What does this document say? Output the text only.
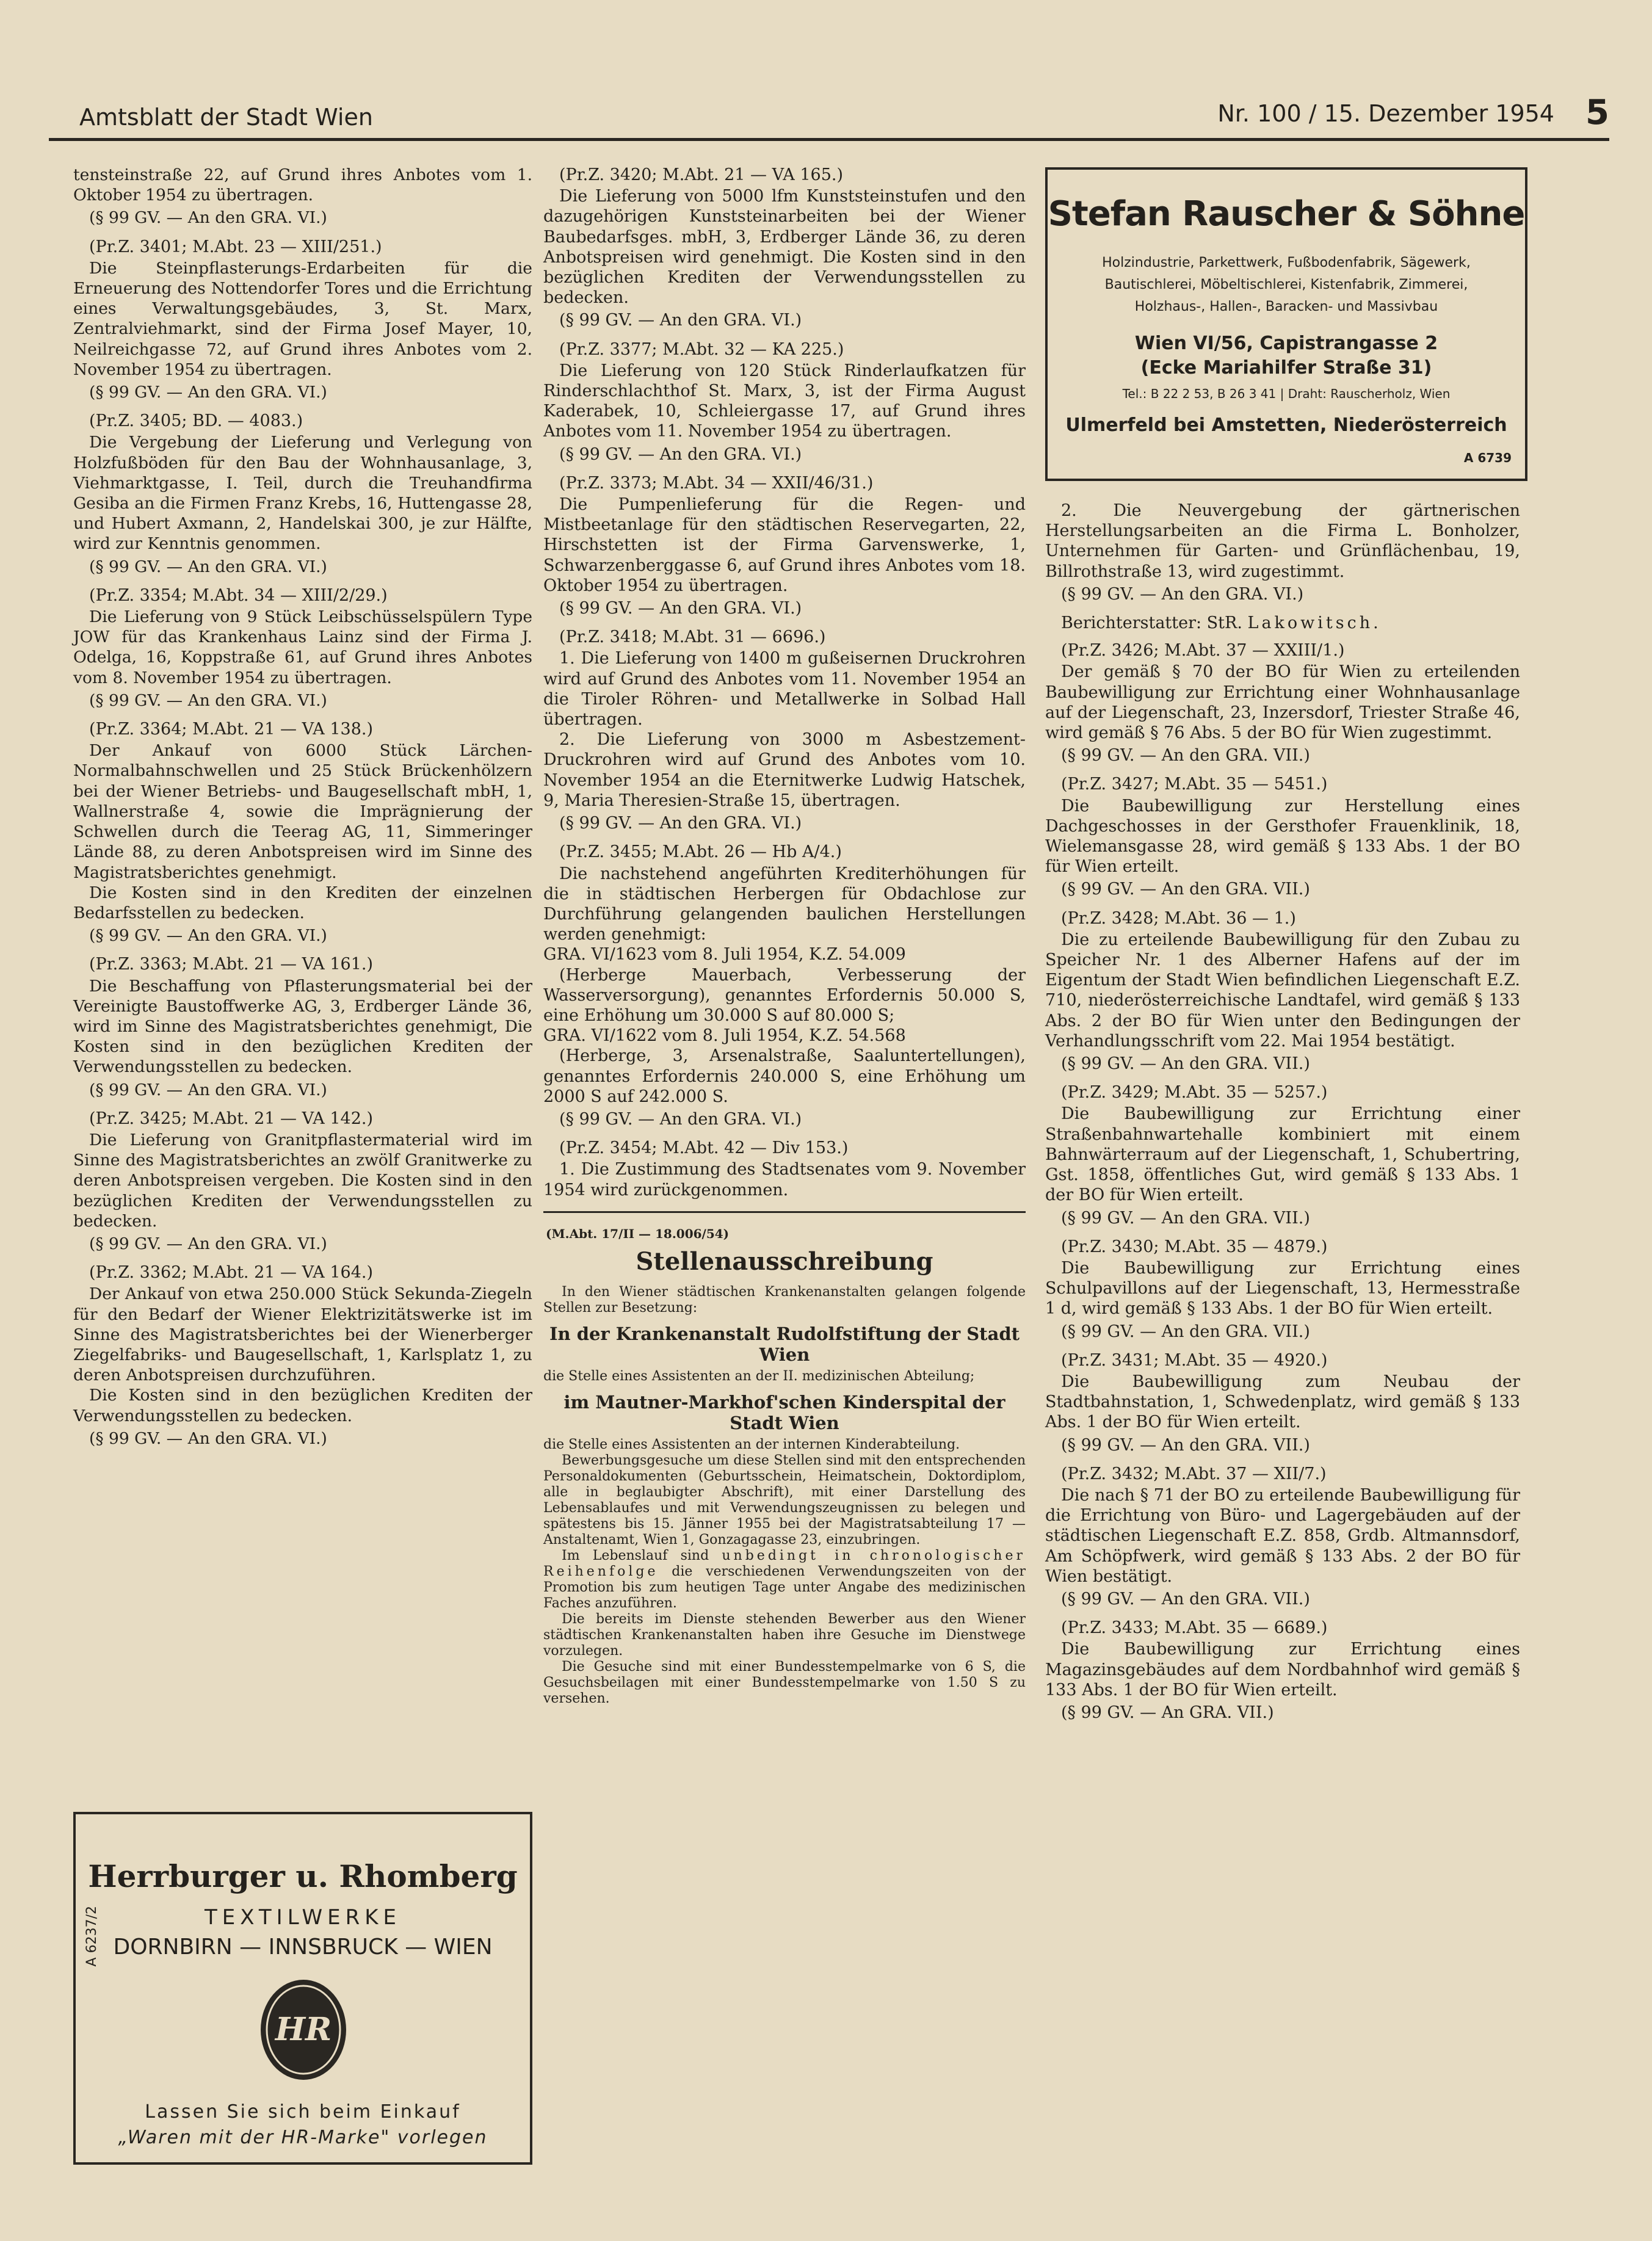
Amtsblatt der Stadt Wien	Nr. 100 / 15. Dezember 1954 5

tensteinstraße 22, auf Grund ihres Anbotes vom 1. Oktober 1954 zu übertragen.

(§ 99 GV. — An den GRA. VI.)

(Pr.Z. 3401; M.Abt. 23 — XIII/251.)

Die Steinpflasterungs-Erdarbeiten für die Erneuerung des Nottendorfer Tores und die Errichtung eines Verwaltungsgebäudes, 3, St. Marx, Zentralviehmarkt, sind der Firma Josef Mayer, 10, Neilreichgasse 72, auf Grund ihres Anbotes vom 2. November 1954 zu übertragen.

(§ 99 GV. — An den GRA. VI.)

(Pr.Z. 3405; BD. — 4083.)

Die Vergebung der Lieferung und Verlegung von Holzfußböden für den Bau der Wohnhausanlage, 3, Viehmarktgasse, I. Teil, durch die Treuhandfirma Gesiba an die Firmen Franz Krebs, 16, Huttengasse 28, und Hubert Axmann, 2, Handelskai 300, je zur Hälfte, wird zur Kenntnis genommen.

(§ 99 GV. — An den GRA. VI.)

(Pr.Z. 3354; M.Abt. 34 — XIII/2/29.)

Die Lieferung von 9 Stück Leibschüsselspülern Type JOW für das Krankenhaus Lainz sind der Firma J. Odelga, 16, Koppstraße 61, auf Grund ihres Anbotes vom 8. November 1954 zu übertragen.

(§ 99 GV. — An den GRA. VI.)

(Pr.Z. 3364; M.Abt. 21 — VA 138.)

Der Ankauf von 6000 Stück Lärchen-Normalbahnschwellen und 25 Stück Brückenhölzern bei der Wiener Betriebs- und Baugesellschaft mbH, 1, Wallnerstraße 4, sowie die Imprägnierung der Schwellen durch die Teerag AG, 11, Simmeringer Lände 88, zu deren Anbotspreisen wird im Sinne des Magistratsberichtes genehmigt.

Die Kosten sind in den Krediten der einzelnen Bedarfsstellen zu bedecken.

(§ 99 GV. — An den GRA. VI.)

(Pr.Z. 3363; M.Abt. 21 — VA 161.)

Die Beschaffung von Pflasterungsmaterial bei der Vereinigte Baustoffwerke AG, 3, Erdberger Lände 36, wird im Sinne des Magistratsberichtes genehmigt, Die Kosten sind in den bezüglichen Krediten der Verwendungsstellen zu bedecken.

(§ 99 GV. — An den GRA. VI.)

(Pr.Z. 3425; M.Abt. 21 — VA 142.)

Die Lieferung von Granitpflastermaterial wird im Sinne des Magistratsberichtes an zwölf Granitwerke zu deren Anbotspreisen vergeben. Die Kosten sind in den bezüglichen Krediten der Verwendungsstellen zu bedecken.

(§ 99 GV. — An den GRA. VI.)

(Pr.Z. 3362; M.Abt. 21 — VA 164.)

Der Ankauf von etwa 250.000 Stück Sekunda-Ziegeln für den Bedarf der Wiener Elektrizitätswerke ist im Sinne des Magistratsberichtes bei der Wienerberger Ziegelfabriks- und Baugesellschaft, 1, Karlsplatz 1, zu deren Anbotspreisen durchzuführen.

Die Kosten sind in den bezüglichen Krediten der Verwendungsstellen zu bedecken.

(§ 99 GV. — An den GRA. VI.)

Herrburger u. Rhomberg
TEXTILWERKE
DORNBIRN — INNSBRUCK — WIEN
A 6237/2
HR
Lassen Sie sich beim Einkauf
„Waren mit der HR-Marke" vorlegen

(Pr.Z. 3420; M.Abt. 21 — VA 165.)

Die Lieferung von 5000 lfm Kunststeinstufen und den dazugehörigen Kunststeinarbeiten bei der Wiener Baubedarfsges. mbH, 3, Erdberger Lände 36, zu deren Anbotspreisen wird genehmigt. Die Kosten sind in den bezüglichen Krediten der Verwendungsstellen zu bedecken.

(§ 99 GV. — An den GRA. VI.)

(Pr.Z. 3377; M.Abt. 32 — KA 225.)

Die Lieferung von 120 Stück Rinderlaufkatzen für Rinderschlachthof St. Marx, 3, ist der Firma August Kaderabek, 10, Schleiergasse 17, auf Grund ihres Anbotes vom 11. November 1954 zu übertragen.

(§ 99 GV. — An den GRA. VI.)

(Pr.Z. 3373; M.Abt. 34 — XXII/46/31.)

Die Pumpenlieferung für die Regen- und Mistbeetanlage für den städtischen Reservegarten, 22, Hirschstetten ist der Firma Garvenswerke, 1, Schwarzenberggasse 6, auf Grund ihres Anbotes vom 18. Oktober 1954 zu übertragen.

(§ 99 GV. — An den GRA. VI.)

(Pr.Z. 3418; M.Abt. 31 — 6696.)

1. Die Lieferung von 1400 m gußeisernen Druckrohren wird auf Grund des Anbotes vom 11. November 1954 an die Tiroler Röhren- und Metallwerke in Solbad Hall übertragen.

2. Die Lieferung von 3000 m Asbestzement-Druckrohren wird auf Grund des Anbotes vom 10. November 1954 an die Eternitwerke Ludwig Hatschek, 9, Maria Theresien-Straße 15, übertragen.

(§ 99 GV. — An den GRA. VI.)

(Pr.Z. 3455; M.Abt. 26 — Hb A/4.)

Die nachstehend angeführten Krediterhöhungen für die in städtischen Herbergen für Obdachlose zur Durchführung gelangenden baulichen Herstellungen werden genehmigt:

GRA. VI/1623 vom 8. Juli 1954, K.Z. 54.009

(Herberge Mauerbach, Verbesserung der Wasserversorgung), genanntes Erfordernis 50.000 S, eine Erhöhung um 30.000 S auf 80.000 S;

GRA. VI/1622 vom 8. Juli 1954, K.Z. 54.568

(Herberge, 3, Arsenalstraße, Saaluntertellungen), genanntes Erfordernis 240.000 S, eine Erhöhung um 2000 S auf 242.000 S.

(§ 99 GV. — An den GRA. VI.)

(Pr.Z. 3454; M.Abt. 42 — Div 153.)

1. Die Zustimmung des Stadtsenates vom 9. November 1954 wird zurückgenommen.

(M.Abt. 17/II — 18.006/54)
Stellenausschreibung

In den Wiener städtischen Krankenanstalten gelangen folgende Stellen zur Besetzung:

In der Krankenanstalt Rudolfstiftung der Stadt Wien

die Stelle eines Assistenten an der II. medizinischen Abteilung;

im Mautner-Markhof'schen Kinderspital der Stadt Wien

die Stelle eines Assistenten an der internen Kinderabteilung.

Bewerbungsgesuche um diese Stellen sind mit den entsprechenden Personaldokumenten (Geburtsschein, Heimatschein, Doktordiplom, alle in beglaubigter Abschrift), mit einer Darstellung des Lebensablaufes und mit Verwendungszeugnissen zu belegen und spätestens bis 15. Jänner 1955 bei der Magistratsabteilung 17 — Anstaltenamt, Wien 1, Gonzagagasse 23, einzubringen.

Im Lebenslauf sind unbedingt in chronologischer Reihenfolge die verschiedenen Verwendungszeiten von der Promotion bis zum heutigen Tage unter Angabe des medizinischen Faches anzuführen.

Die bereits im Dienste stehenden Bewerber aus den Wiener städtischen Krankenanstalten haben ihre Gesuche im Dienstwege vorzulegen.

Die Gesuche sind mit einer Bundesstempelmarke von 6 S, die Gesuchsbeilagen mit einer Bundesstempelmarke von 1.50 S zu versehen.

Stefan Rauscher & Söhne
Holzindustrie, Parkettwerk, Fußbodenfabrik, Sägewerk,
Bautischlerei, Möbeltischlerei, Kistenfabrik, Zimmerei,
Holzhaus-, Hallen-, Baracken- und Massivbau
Wien VI/56, Capistrangasse 2
(Ecke Mariahilfer Straße 31)
Tel.: B 22 2 53, B 26 3 41 | Draht: Rauscherholz, Wien
Ulmerfeld bei Amstetten, Niederösterreich
A 6739

2. Die Neuvergebung der gärtnerischen Herstellungsarbeiten an die Firma L. Bonholzer, Unternehmen für Garten- und Grünflächenbau, 19, Billrothstraße 13, wird zugestimmt.

(§ 99 GV. — An den GRA. VI.)

Berichterstatter: StR. Lakowitsch.

(Pr.Z. 3426; M.Abt. 37 — XXIII/1.)

Der gemäß § 70 der BO für Wien zu erteilenden Baubewilligung zur Errichtung einer Wohnhausanlage auf der Liegenschaft, 23, Inzersdorf, Triester Straße 46, wird gemäß § 76 Abs. 5 der BO für Wien zugestimmt.

(§ 99 GV. — An den GRA. VII.)

(Pr.Z. 3427; M.Abt. 35 — 5451.)

Die Baubewilligung zur Herstellung eines Dachgeschosses in der Gersthofer Frauenklinik, 18, Wielemansgasse 28, wird gemäß § 133 Abs. 1 der BO für Wien erteilt.

(§ 99 GV. — An den GRA. VII.)

(Pr.Z. 3428; M.Abt. 36 — 1.)

Die zu erteilende Baubewilligung für den Zubau zu Speicher Nr. 1 des Alberner Hafens auf der im Eigentum der Stadt Wien befindlichen Liegenschaft E.Z. 710, niederösterreichische Landtafel, wird gemäß § 133 Abs. 2 der BO für Wien unter den Bedingungen der Verhandlungsschrift vom 22. Mai 1954 bestätigt.

(§ 99 GV. — An den GRA. VII.)

(Pr.Z. 3429; M.Abt. 35 — 5257.)

Die Baubewilligung zur Errichtung einer Straßenbahnwartehalle kombiniert mit einem Bahnwärterraum auf der Liegenschaft, 1, Schubertring, Gst. 1858, öffentliches Gut, wird gemäß § 133 Abs. 1 der BO für Wien erteilt.

(§ 99 GV. — An den GRA. VII.)

(Pr.Z. 3430; M.Abt. 35 — 4879.)

Die Baubewilligung zur Errichtung eines Schulpavillons auf der Liegenschaft, 13, Hermesstraße 1 d, wird gemäß § 133 Abs. 1 der BO für Wien erteilt.

(§ 99 GV. — An den GRA. VII.)

(Pr.Z. 3431; M.Abt. 35 — 4920.)

Die Baubewilligung zum Neubau der Stadtbahnstation, 1, Schwedenplatz, wird gemäß § 133 Abs. 1 der BO für Wien erteilt.

(§ 99 GV. — An den GRA. VII.)

(Pr.Z. 3432; M.Abt. 37 — XII/7.)

Die nach § 71 der BO zu erteilende Baubewilligung für die Errichtung von Büro- und Lagergebäuden auf der städtischen Liegenschaft E.Z. 858, Grdb. Altmannsdorf, Am Schöpfwerk, wird gemäß § 133 Abs. 2 der BO für Wien bestätigt.

(§ 99 GV. — An den GRA. VII.)

(Pr.Z. 3433; M.Abt. 35 — 6689.)

Die Baubewilligung zur Errichtung eines Magazinsgebäudes auf dem Nordbahnhof wird gemäß § 133 Abs. 1 der BO für Wien erteilt.

(§ 99 GV. — An GRA. VII.)
